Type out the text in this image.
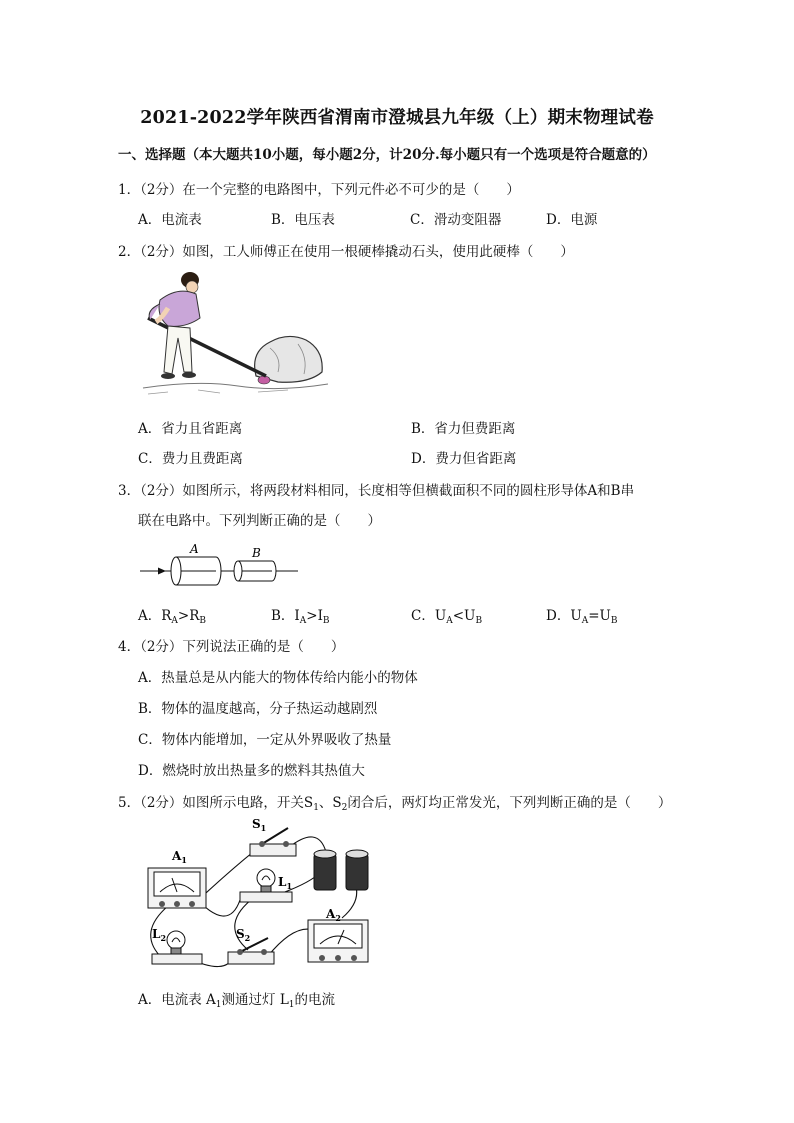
2021-2022学年陕西省渭南市澄城县九年级（上）期末物理试卷
一、选择题（本大题共10小题，每小题2分，计20分.每小题只有一个选项是符合题意的）
1．（2分）在一个完整的电路图中，下列元件必不可少的是（　　）
A．电流表	B．电压表	C．滑动变阻器	D．电源
2．（2分）如图，工人师傅正在使用一根硬棒撬动石头，使用此硬棒（　　）
A．省力且省距离	B．省力但费距离
C．费力且费距离	D．费力但省距离
3．（2分）如图所示，将两段材料相同，长度相等但横截面积不同的圆柱形导体A和B串
联在电路中。下列判断正确的是（　　）
A	B
A．$R_A>R_B$	B．$I_A>I_B$	C．$U_A<U_B$	D．$U_A=U_B$
4．（2分）下列说法正确的是（　　）
A．热量总是从内能大的物体传给内能小的物体
B．物体的温度越高，分子热运动越剧烈
C．物体内能增加，一定从外界吸收了热量
D．燃烧时放出热量多的燃料其热值大
5．（2分）如图所示电路，开关$S_1$、$S_2$闭合后，两灯均正常发光，下列判断正确的是（　　）
$S_1$
$A_1$
$L_1$
$A_2$
$L_2$	$S_2$
A．电流表 $A_1$测通过灯 $L_1$的电流
